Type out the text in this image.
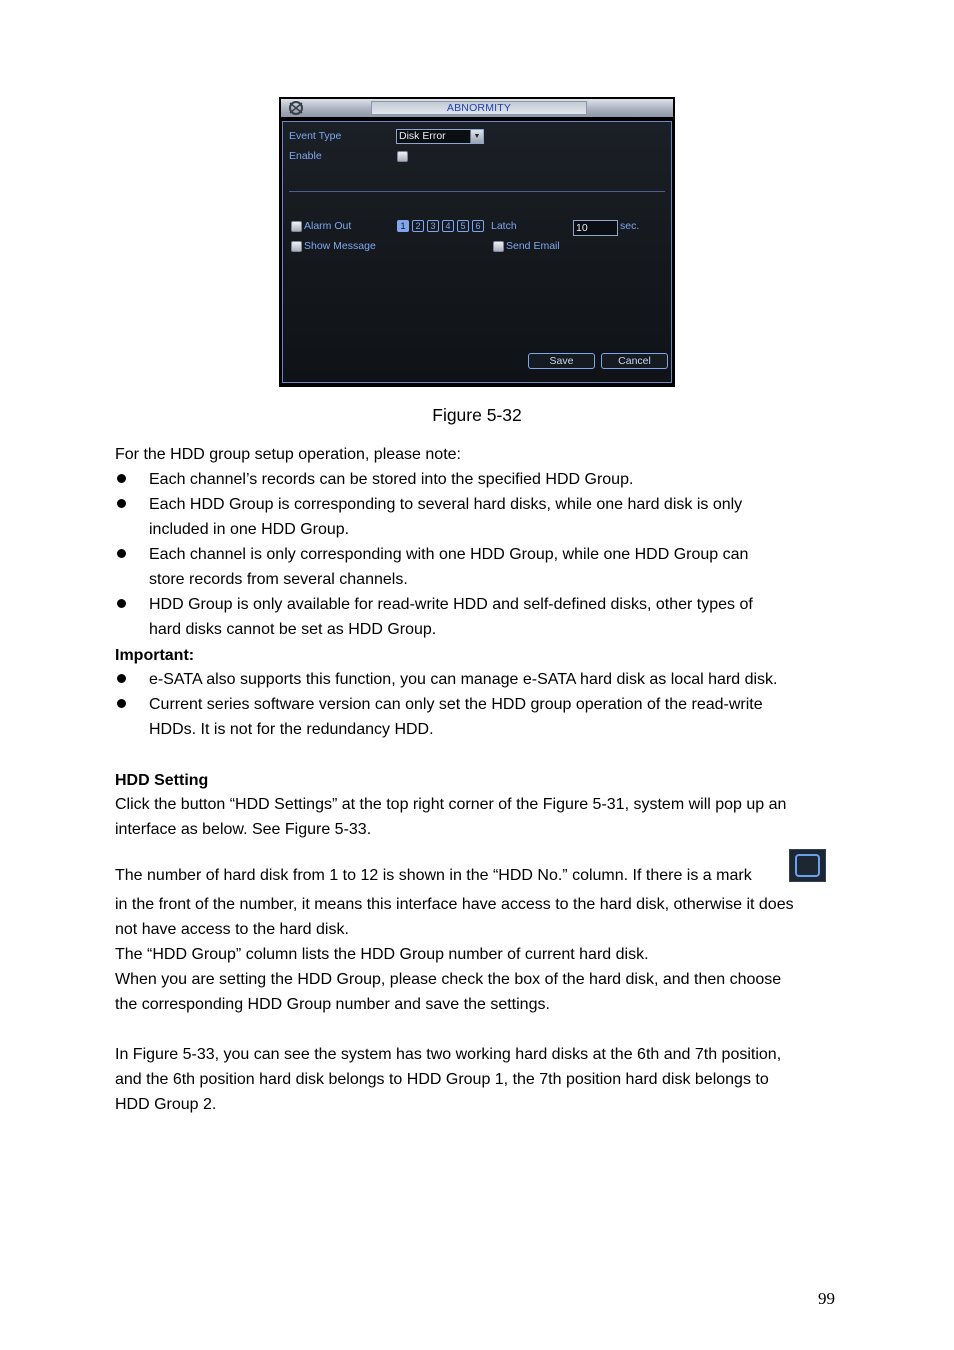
ABNORMITY
Event Type	Disk Error	▼
Enable
Alarm Out	1	2	3	4	5	6	Latch	10	sec.
Show Message	Send Email
Save	Cancel
Figure 5-32
For the HDD group setup operation, please note:
Each channel’s records can be stored into the specified HDD Group.
Each HDD Group is corresponding to several hard disks, while one hard disk is only
included in one HDD Group.
Each channel is only corresponding with one HDD Group, while one HDD Group can
store records from several channels.
HDD Group is only available for read-write HDD and self-defined disks, other types of
hard disks cannot be set as HDD Group.
Important:
e-SATA also supports this function, you can manage e-SATA hard disk as local hard disk.
Current series software version can only set the HDD group operation of the read-write
HDDs. It is not for the redundancy HDD.
HDD Setting
Click the button “HDD Settings” at the top right corner of the Figure 5-31, system will pop up an
interface as below. See Figure 5-33.
The number of hard disk from 1 to 12 is shown in the “HDD No.” column. If there is a mark
in the front of the number, it means this interface have access to the hard disk, otherwise it does
not have access to the hard disk.
The “HDD Group” column lists the HDD Group number of current hard disk.
When you are setting the HDD Group, please check the box of the hard disk, and then choose
the corresponding HDD Group number and save the settings.
In Figure 5-33, you can see the system has two working hard disks at the 6th and 7th position,
and the 6th position hard disk belongs to HDD Group 1, the 7th position hard disk belongs to
HDD Group 2.
99
